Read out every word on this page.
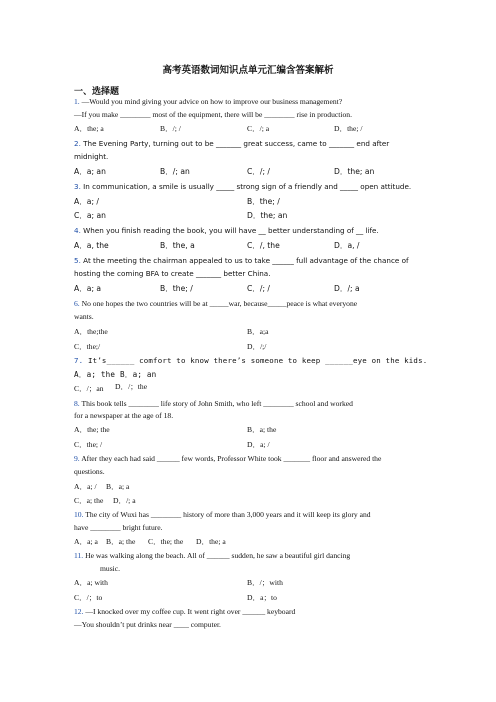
高考英语数词知识点单元汇编含答案解析
一、选择题
1. —Would you mind giving your advice on how to improve our business management?
—If you make ________ most of the equipment, there will be ________ rise in production.
A．the; a	B．/; /	C．/; a	D．the; /
2. The Evening Party, turning out to be _______ great success, came to _______ end after
midnight.
A．a; an	B．/; an	C．/; /	D．the; an
3. In communication, a smile is usually _____ strong sign of a friendly and _____ open attitude.
A．a; /	B．the; /
C．a; an	D．the; an
4. When you finish reading the book, you will have __ better understanding of __ life.
A．a, the	B．the, a	C．/, the	D．a, /
5. At the meeting the chairman appealed to us to take ______ full advantage of the chance of
hosting the coming BFA to create _______ better China.
A．a; a	B．the; /	C．/; /	D．/; a
6. No one hopes the two countries will be at _____war, because_____peace is what everyone
wants.
A．the;the	B．a;a
C．the;/	D．/;/
7. It’s______ comfort to know there’s someone to keep ______eye on the kids.
A．a; the B．a; an
C．/；an D．/；the
8. This book tells ________ life story of John Smith, who left ________ school and worked
for a newspaper at the age of 18.
A．the; the	B．a; the
C．the; /	D．a; /
9. After they each had said ______ few words, Professor White took _______ floor and answered the
questions.
A．a; / B．a; a
C．a; the D．/; a
10. The city of Wuxi has ________ history of more than 3,000 years and it will keep its glory and
have ________ bright future.
A．a; a B．a; the C．the; the D．the; a
11. He was walking along the beach. All of ______ sudden, he saw a beautiful girl dancing
music.
A．a; with	B．/；with
C．/；to	D．a；to
12. —I knocked over my coffee cup. It went right over ______ keyboard
—You shouldn’t put drinks near ____ computer.
